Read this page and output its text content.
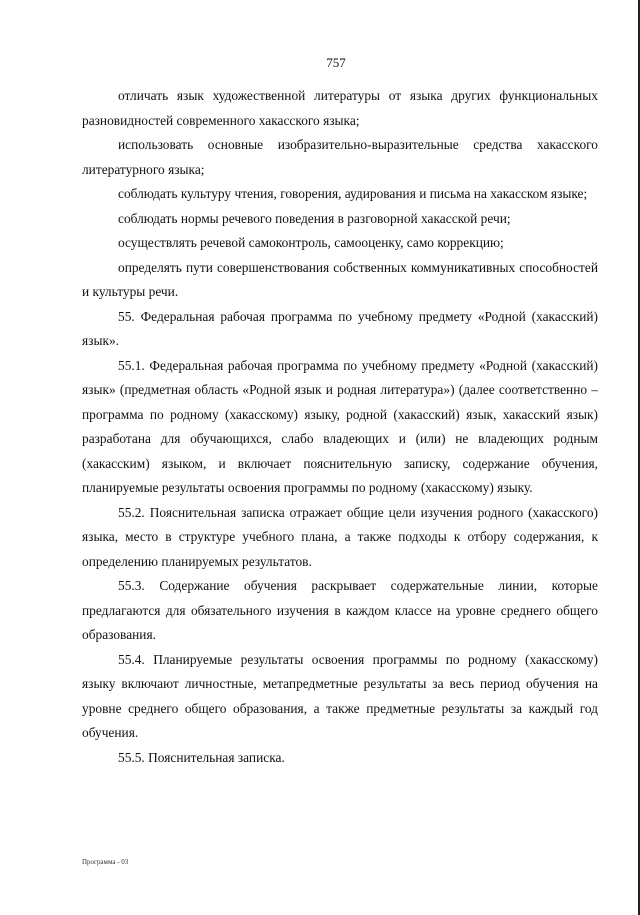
757

отличать язык художественной литературы от языка других функциональных разновидностей современного хакасского языка;

использовать основные изобразительно-выразительные средства хакасского литературного языка;

соблюдать культуру чтения, говорения, аудирования и письма на хакасском языке;

соблюдать нормы речевого поведения в разговорной хакасской речи;

осуществлять речевой самоконтроль, самооценку, само коррекцию;

определять пути совершенствования собственных коммуникативных способностей и культуры речи.

55. Федеральная рабочая программа по учебному предмету «Родной (хакасский) язык».

55.1. Федеральная рабочая программа по учебному предмету «Родной (хакасский) язык» (предметная область «Родной язык и родная литература») (далее соответственно – программа по родному (хакасскому) языку, родной (хакасский) язык, хакасский язык) разработана для обучающихся, слабо владеющих и (или) не владеющих родным (хакасским) языком, и включает пояснительную записку, содержание обучения, планируемые результаты освоения программы по родному (хакасскому) языку.

55.2. Пояснительная записка отражает общие цели изучения родного (хакасского) языка, место в структуре учебного плана, а также подходы к отбору содержания, к определению планируемых результатов.

55.3. Содержание обучения раскрывает содержательные линии, которые предлагаются для обязательного изучения в каждом классе на уровне среднего общего образования.

55.4. Планируемые результаты освоения программы по родному (хакасскому) языку включают личностные, метапредметные результаты за весь период обучения на уровне среднего общего образования, а также предметные результаты за каждый год обучения.

55.5. Пояснительная записка.

Программа - 03
